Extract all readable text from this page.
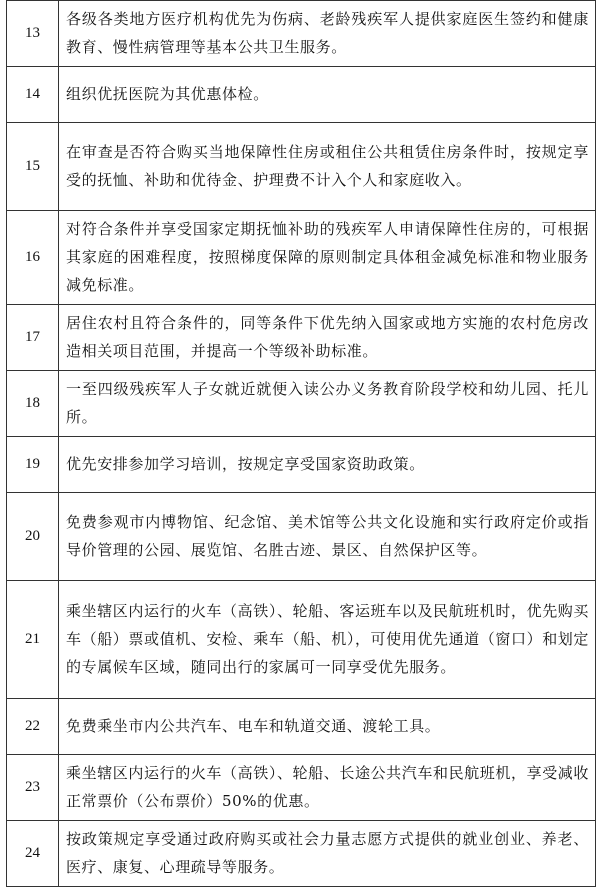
13	各级各类地方医疗机构优先为伤病、老龄残疾军人提供家庭医生签约和健康教育、慢性病管理等基本公共卫生服务。
14	组织优抚医院为其优惠体检。
15	在审查是否符合购买当地保障性住房或租住公共租赁住房条件时，按规定享受的抚恤、补助和优待金、护理费不计入个人和家庭收入。
16	对符合条件并享受国家定期抚恤补助的残疾军人申请保障性住房的，可根据其家庭的困难程度，按照梯度保障的原则制定具体租金减免标准和物业服务减免标准。
17	居住农村且符合条件的，同等条件下优先纳入国家或地方实施的农村危房改造相关项目范围，并提高一个等级补助标准。
18	一至四级残疾军人子女就近就便入读公办义务教育阶段学校和幼儿园、托儿所。
19	优先安排参加学习培训，按规定享受国家资助政策。
20	免费参观市内博物馆、纪念馆、美术馆等公共文化设施和实行政府定价或指导价管理的公园、展览馆、名胜古迹、景区、自然保护区等。
21	乘坐辖区内运行的火车（高铁）、轮船、客运班车以及民航班机时，优先购买车（船）票或值机、安检、乘车（船、机），可使用优先通道（窗口）和划定的专属候车区域，随同出行的家属可一同享受优先服务。
22	免费乘坐市内公共汽车、电车和轨道交通、渡轮工具。
23	乘坐辖区内运行的火车（高铁）、轮船、长途公共汽车和民航班机，享受减收正常票价（公布票价）50%的优惠。
24	按政策规定享受通过政府购买或社会力量志愿方式提供的就业创业、养老、医疗、康复、心理疏导等服务。
